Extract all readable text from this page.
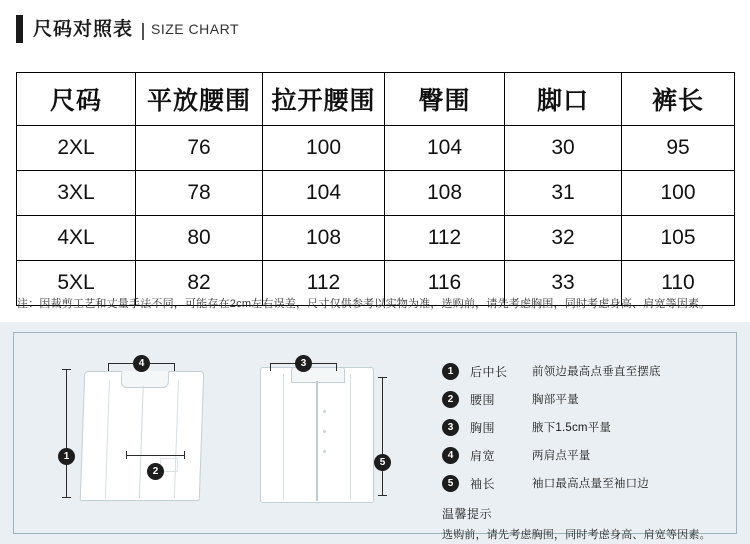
尺码对照表 SIZE CHART
尺码	平放腰围	拉开腰围	臀围	脚口	裤长
2XL	76	100	104	30	95
3XL	78	104	108	31	100
4XL	80	108	112	32	105
5XL	82	112	116	33	110
注：因裁剪工艺和丈量手法不同，可能存在2cm左右误差，尺寸仅供参考以实物为准，选购前，请先考虑胸围，同时考虑身高、肩宽等因素。
1
2
3
4
5
1	后中长	前领边最高点垂直至摆底
2	腰围	胸部平量
3	胸围	腋下1.5cm平量
4	肩宽	两肩点平量
5	袖长	袖口最高点量至袖口边
温馨提示
选购前，请先考虑胸围，同时考虑身高、肩宽等因素。
